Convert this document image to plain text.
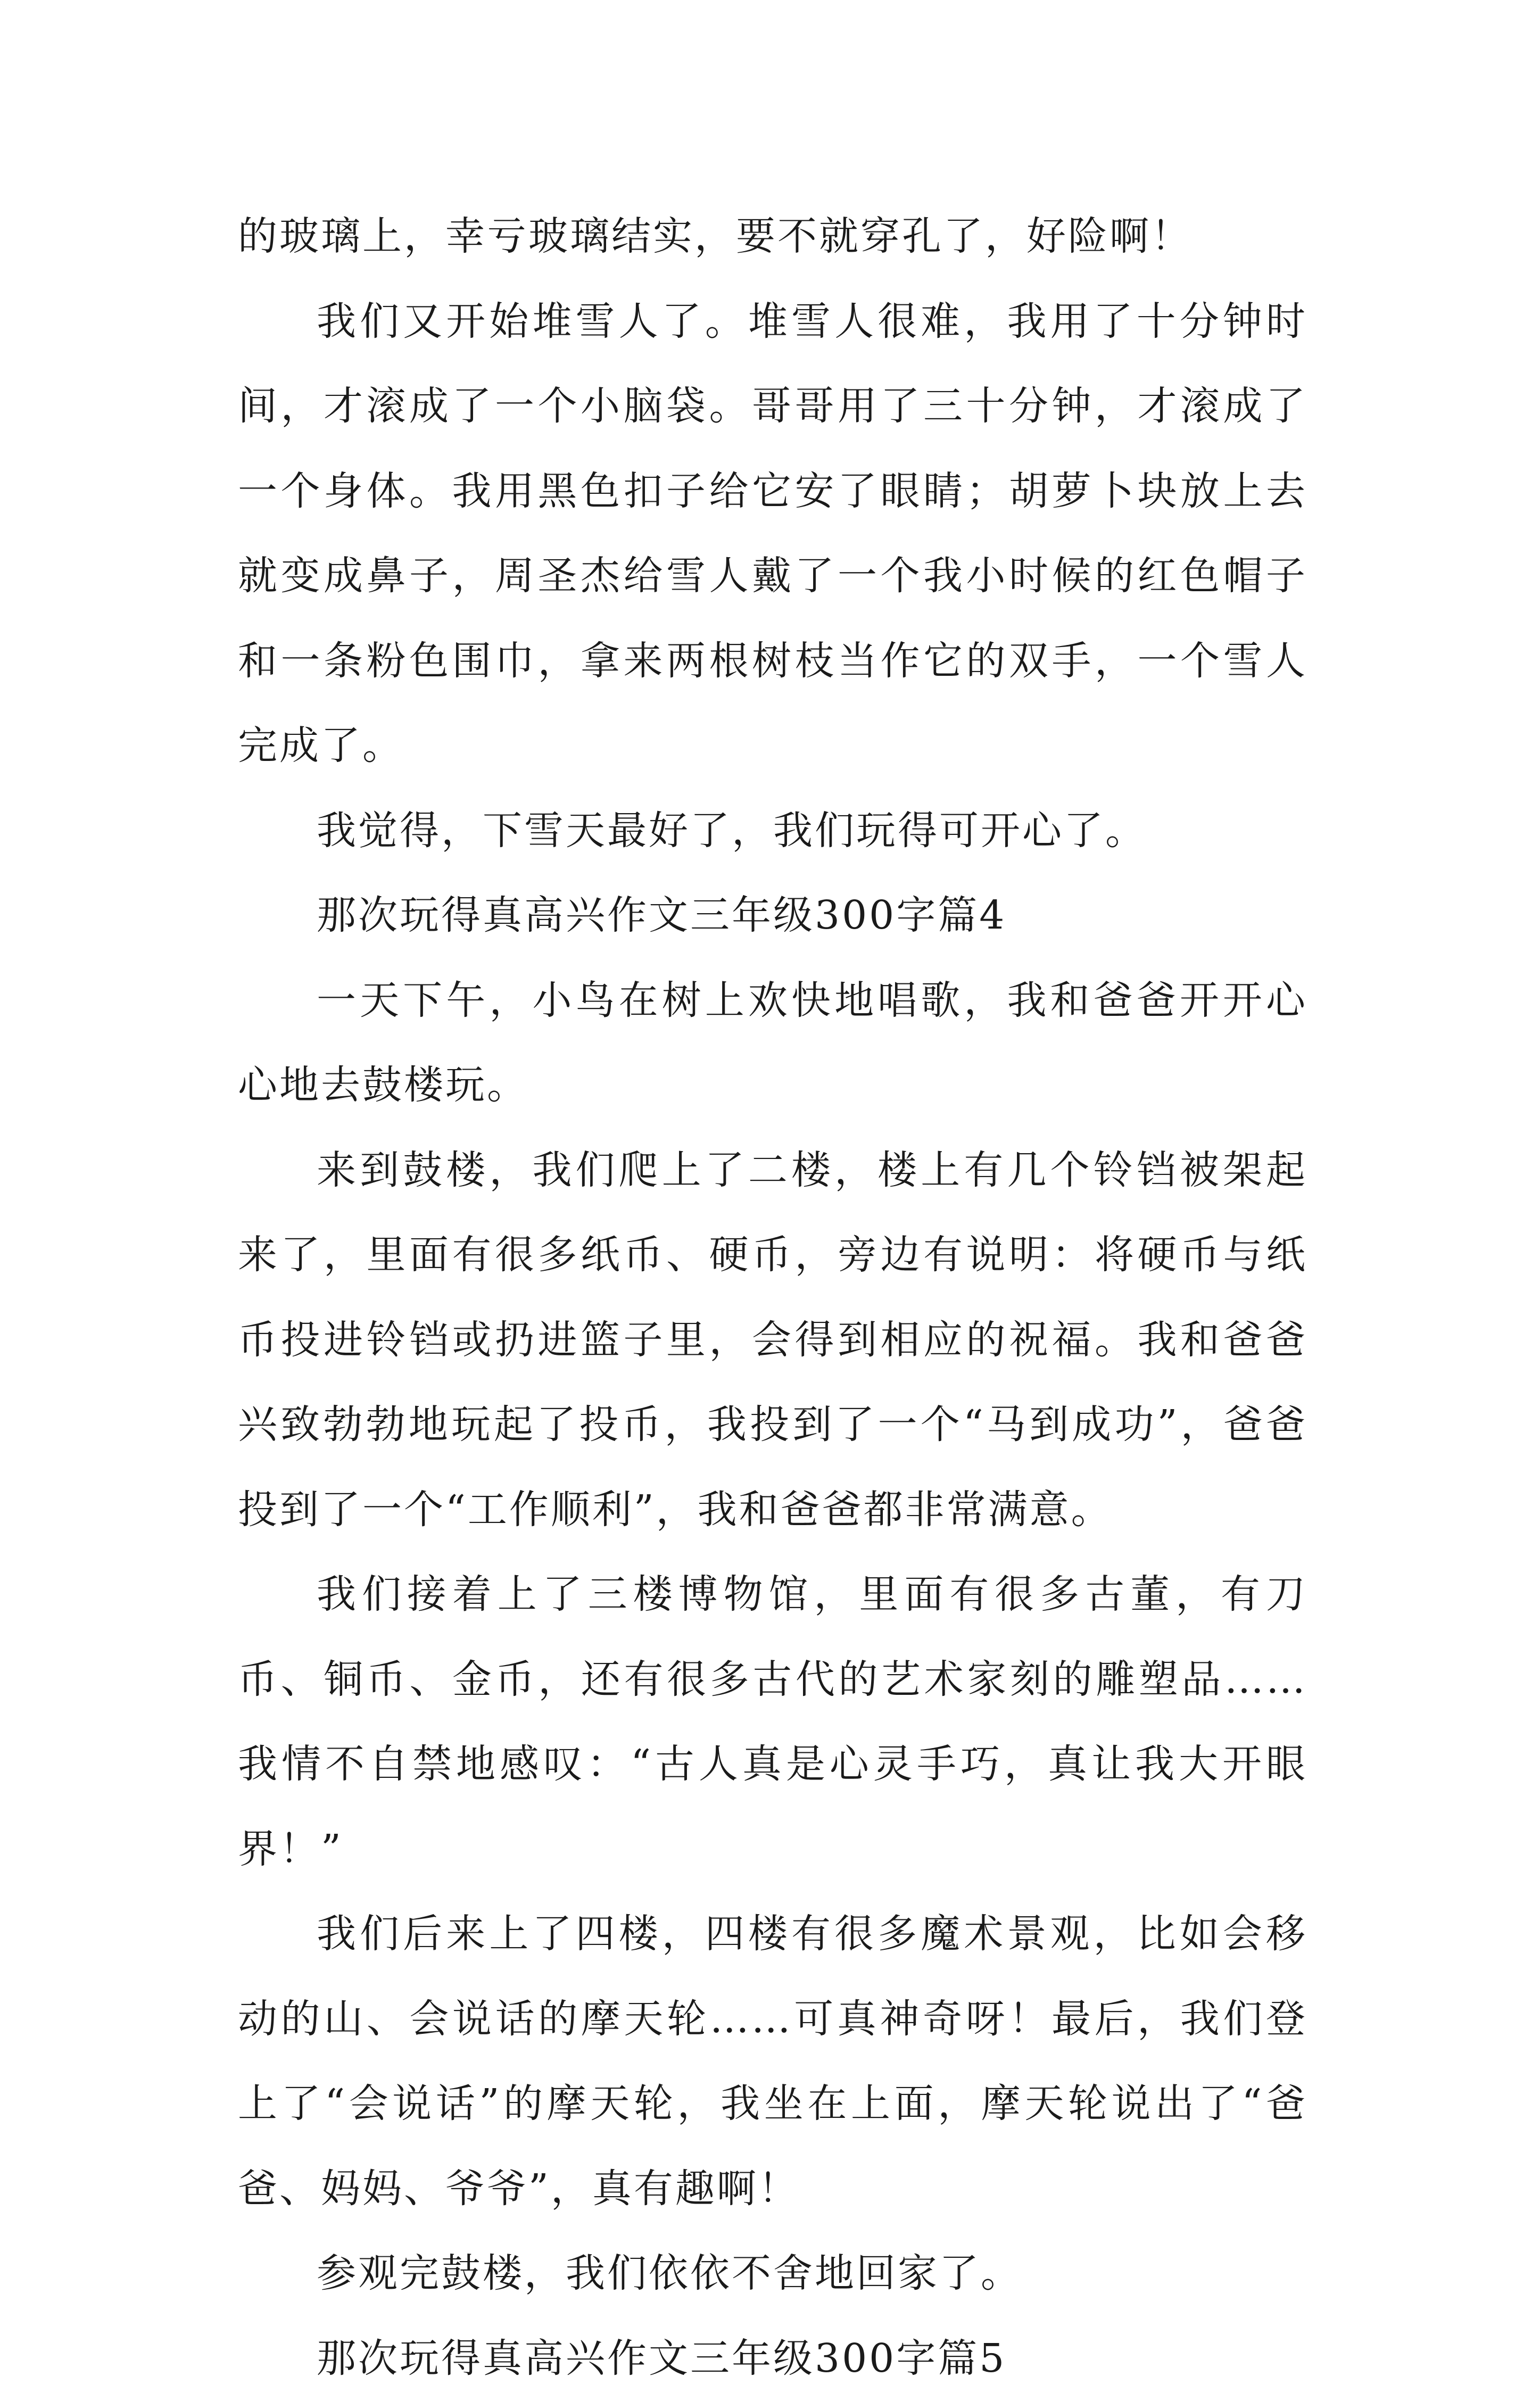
的玻璃上，幸亏玻璃结实，要不就穿孔了，好险啊！

我们又开始堆雪人了。堆雪人很难，我用了十分钟时间，才滚成了一个小脑袋。哥哥用了三十分钟，才滚成了一个身体。我用黑色扣子给它安了眼睛；胡萝卜块放上去就变成鼻子，周圣杰给雪人戴了一个我小时候的红色帽子和一条粉色围巾，拿来两根树枝当作它的双手，一个雪人完成了。

我觉得，下雪天最好了，我们玩得可开心了。

那次玩得真高兴作文三年级300字篇4

一天下午，小鸟在树上欢快地唱歌，我和爸爸开开心心地去鼓楼玩。

来到鼓楼，我们爬上了二楼，楼上有几个铃铛被架起来了，里面有很多纸币、硬币，旁边有说明：将硬币与纸币投进铃铛或扔进篮子里，会得到相应的祝福。我和爸爸兴致勃勃地玩起了投币，我投到了一个“马到成功”，爸爸投到了一个“工作顺利”，我和爸爸都非常满意。

我们接着上了三楼博物馆，里面有很多古董，有刀币、铜币、金币，还有很多古代的艺术家刻的雕塑品……我情不自禁地感叹：“古人真是心灵手巧，真让我大开眼界！”

我们后来上了四楼，四楼有很多魔术景观，比如会移动的山、会说话的摩天轮……可真神奇呀！最后，我们登上了“会说话”的摩天轮，我坐在上面，摩天轮说出了“爸爸、妈妈、爷爷”，真有趣啊！

参观完鼓楼，我们依依不舍地回家了。

那次玩得真高兴作文三年级300字篇5
